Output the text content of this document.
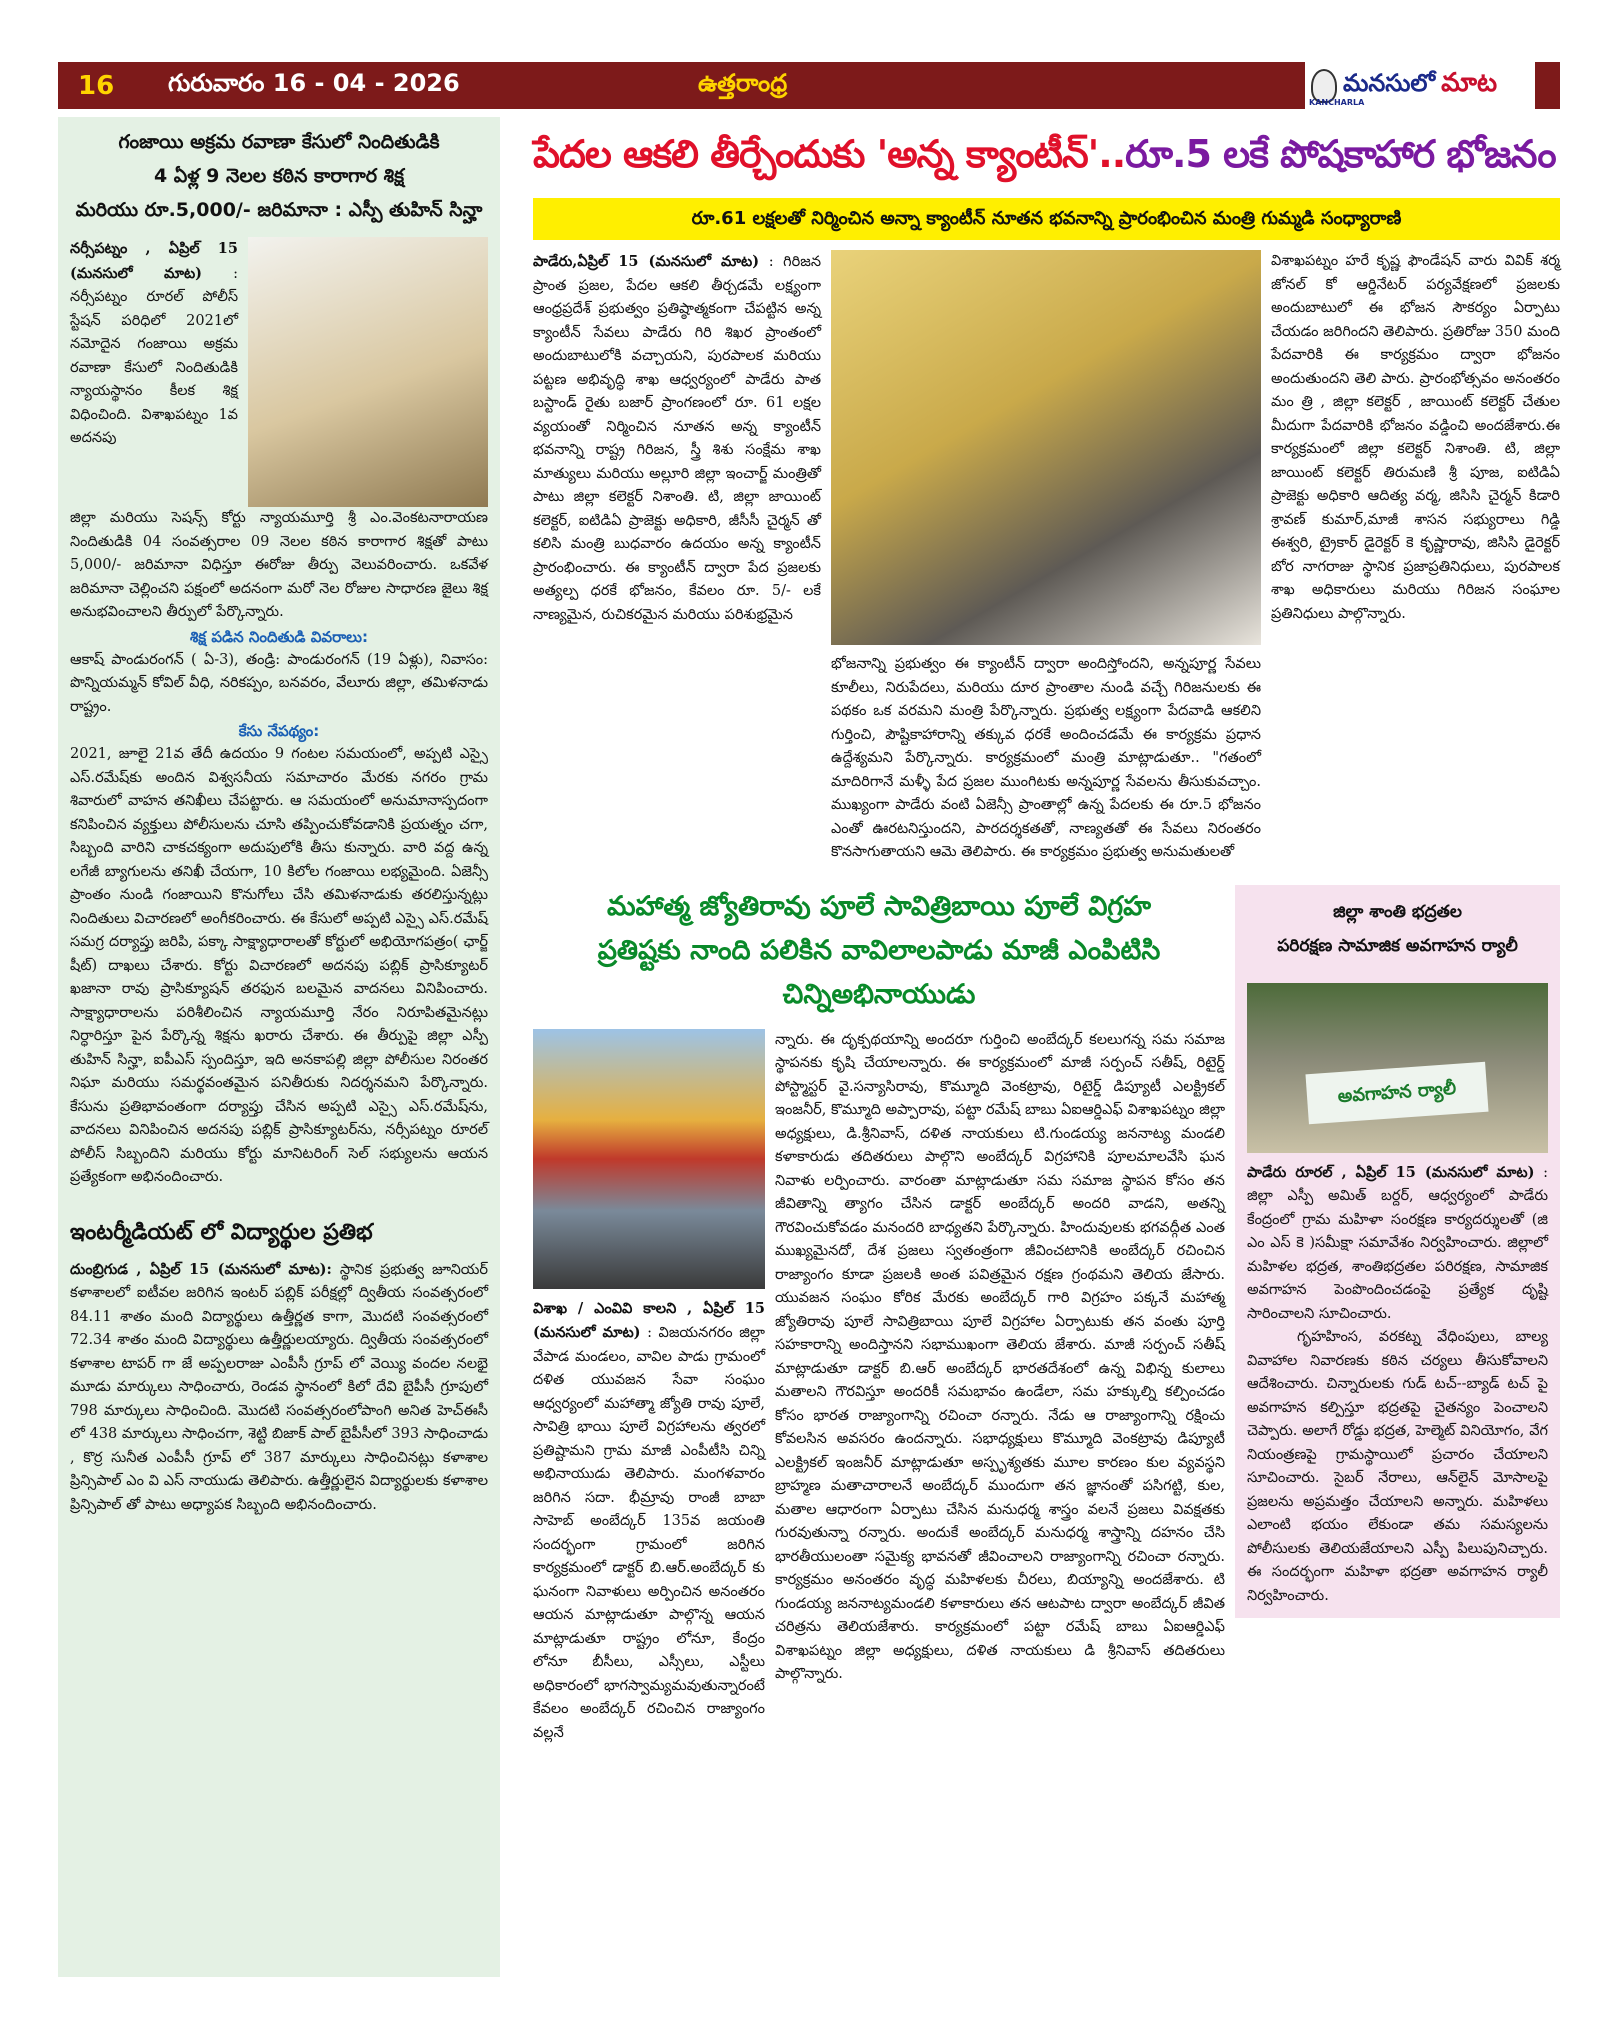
16	గురువారం 16 - 04 - 2026	ఉత్తరాంధ్ర	మనసులో మాట
KANCHARLA
గంజాయి అక్రమ రవాణా కేసులో నిందితుడికి
4 ఏళ్ల 9 నెలల కఠిన కారాగార శిక్ష
మరియు రూ.5,000/- జరిమానా : ఎస్పీ తుహిన్ సిన్హా
నర్సీపట్నం , ఏప్రిల్ 15 (మనసులో మాట) : నర్సీపట్నం రూరల్ పోలీస్ స్టేషన్ పరిధిలో 2021లో నమోదైన గంజాయి అక్రమ రవాణా కేసులో నిందితుడికి న్యాయస్థానం కీలక శిక్ష విధించింది. విశాఖపట్నం 1వ అదనపు

జిల్లా మరియు సెషన్స్ కోర్టు న్యాయమూర్తి శ్రీ ఎం.వెంకటనారాయణ నిందితుడికి 04 సంవత్సరాల 09 నెలల కఠిన కారాగార శిక్షతో పాటు 5,000/- జరిమానా విధిస్తూ ఈరోజు తీర్పు వెలువరించారు. ఒకవేళ జరిమానా చెల్లించని పక్షంలో అదనంగా మరో నెల రోజుల సాధారణ జైలు శిక్ష అనుభవించాలని తీర్పులో పేర్కొన్నారు.

శిక్ష పడిన నిందితుడి వివరాలు:

ఆకాష్ పాండురంగన్ ( ఏ-3), తండ్రి: పాండురంగన్ (19 ఏళ్లు), నివాసం: పొన్నియమ్మన్ కోవిల్ వీధి, నరికప్పం, బనవరం, వేలూరు జిల్లా, తమిళనాడు రాష్ట్రం.

కేసు నేపథ్యం:

2021, జూలై 21వ తేదీ ఉదయం 9 గంటల సమయంలో, అప్పటి ఎస్సై ఎస్.రమేష్‌కు అందిన విశ్వసనీయ సమాచారం మేరకు నగరం గ్రామ శివారులో వాహన తనిఖీలు చేపట్టారు. ఆ సమయంలో అనుమానాస్పదంగా కనిపించిన వ్యక్తులు పోలీసులను చూసి తప్పించుకోవడానికి ప్రయత్నం చగా, సిబ్బంది వారిని చాకచక్యంగా అదుపులోకి తీసు కున్నారు. వారి వద్ద ఉన్న లగేజీ బ్యాగులను తనిఖీ చేయగా, 10 కిలోల గంజాయి లభ్యమైంది. ఏజెన్సీ ప్రాంతం నుండి గంజాయిని కొనుగోలు చేసి తమిళనాడుకు తరలిస్తున్నట్లు నిందితులు విచారణలో అంగీకరించారు. ఈ కేసులో అప్పటి ఎస్సై ఎస్.రమేష్ సమగ్ర దర్యాప్తు జరిపి, పక్కా సాక్ష్యాధారాలతో కోర్టులో అభియోగపత్రం( ఛార్జ్ షీట్) దాఖలు చేశారు. కోర్టు విచారణలో అదనపు పబ్లిక్ ప్రాసిక్యూటర్ ఖజానా రావు ప్రాసిక్యూషన్ తరఫున బలమైన వాదనలు వినిపించారు. సాక్ష్యాధారాలను పరిశీలించిన న్యాయమూర్తి నేరం నిరూపితమైనట్లు నిర్ధారిస్తూ పైన పేర్కొన్న శిక్షను ఖరారు చేశారు. ఈ తీర్పుపై జిల్లా ఎస్పీ తుహిన్ సిన్హా, ఐపీఎస్ స్పందిస్తూ, ఇది అనకాపల్లి జిల్లా పోలీసుల నిరంతర నిఘా మరియు సమర్థవంతమైన పనితీరుకు నిదర్శనమని పేర్కొన్నారు. కేసును ప్రతిభావంతంగా దర్యాప్తు చేసిన అప్పటి ఎస్సై ఎస్.రమేష్‌ను, వాదనలు వినిపించిన అదనపు పబ్లిక్ ప్రాసిక్యూటర్‌ను, నర్సీపట్నం రూరల్ పోలీస్ సిబ్బందిని మరియు కోర్టు మానిటరింగ్ సెల్ సభ్యులను ఆయన ప్రత్యేకంగా అభినందించారు.

ఇంటర్మీడియట్ లో విద్యార్థుల ప్రతిభ

దుంబ్రిగుడ , ఏప్రిల్ 15 (మనసులో మాట): స్థానిక ప్రభుత్వ జూనియర్ కళాశాలలో ఐటీవల జరిగిన ఇంటర్ పబ్లిక్ పరీక్షల్లో ద్వితీయ సంవత్సరంలో 84.11 శాతం మంది విద్యార్థులు ఉత్తీర్ణత కాగా, మొదటి సంవత్సరంలో 72.34 శాతం మంది విద్యార్థులు ఉత్తీర్ణులయ్యారు. ద్వితీయ సంవత్సరంలో కళాశాల టాపర్ గా జే అప్పలరాజు ఎంపీసీ గ్రూప్ లో వెయ్యి వందల నలభై మూడు మార్కులు సాధించారు, రెండవ స్థానంలో కిలో దేవి బైపీసీ గ్రూపులో 798 మార్కులు సాధించింది. మొదటి సంవత్సరంలోపాంగి అనిత హెచ్ఈసీ లో 438 మార్కులు సాధించగా, శెట్టి బిజాక్ పాల్ బైపీసీలో 393 సాధించాడు , కొర్ర సునీత ఎంపీసీ గ్రూప్ లో 387 మార్కులు సాధించినట్లు కళాశాల ప్రిన్సిపాల్ ఎం వి ఎస్ నాయుడు తెలిపారు. ఉత్తీర్ణులైన విద్యార్థులకు కళాశాల ప్రిన్సిపాల్ తో పాటు అధ్యాపక సిబ్బంది అభినందించారు.

పేదల ఆకలి తీర్చేందుకు 'అన్న క్యాంటీన్'..రూ.5 లకే పోషకాహార భోజనం
రూ.61 లక్షలతో నిర్మించిన అన్నా క్యాంటీన్ నూతన భవనాన్ని ప్రారంభించిన మంత్రి గుమ్మడి సంధ్యారాణి
పాడేరు,ఏప్రిల్ 15 (మనసులో మాట) : గిరిజన ప్రాంత ప్రజల, పేదల ఆకలి తీర్చడమే లక్ష్యంగా ఆంధ్రప్రదేశ్ ప్రభుత్వం ప్రతిష్ఠాత్మకంగా చేపట్టిన అన్న క్యాంటీన్ సేవలు పాడేరు గిరి శిఖర ప్రాంతంలో అందుబాటులోకి వచ్చాయని, పురపాలక మరియు పట్టణ అభివృద్ధి శాఖ ఆధ్వర్యంలో పాడేరు పాత బస్టాండ్ రైతు బజార్ ప్రాంగణంలో రూ. 61 లక్షల వ్యయంతో నిర్మించిన నూతన అన్న క్యాంటీన్ భవనాన్ని రాష్ట్ర గిరిజన, స్త్రీ శిశు సంక్షేమ శాఖ మాత్యులు మరియు అల్లూరి జిల్లా ఇంచార్జ్ మంత్రితో పాటు జిల్లా కలెక్టర్ నిశాంతి. టి, జిల్లా జాయింట్ కలెక్టర్, ఐటిడిఏ ప్రాజెక్టు అధికారి, జీసీసీ చైర్మన్ తో కలిసి మంత్రి బుధవారం ఉదయం అన్న క్యాంటీన్ ప్రారంభించారు. ఈ క్యాంటీన్ ద్వారా పేద ప్రజలకు అత్యల్ప ధరకే భోజనం, కేవలం రూ. 5/- లకే నాణ్యమైన, రుచికరమైన మరియు పరిశుభ్రమైన
భోజనాన్ని ప్రభుత్వం ఈ క్యాంటీన్ ద్వారా అందిస్తోందని, అన్నపూర్ణ సేవలు కూలీలు, నిరుపేదలు, మరియు దూర ప్రాంతాల నుండి వచ్చే గిరిజనులకు ఈ పథకం ఒక వరమని మంత్రి పేర్కొన్నారు. ప్రభుత్వ లక్ష్యంగా పేదవాడి ఆకలిని గుర్తించి, పౌష్టికాహారాన్ని తక్కువ ధరకే అందించడమే ఈ కార్యక్రమ ప్రధాన ఉద్దేశ్యమని పేర్కొన్నారు. కార్యక్రమంలో మంత్రి మాట్లాడుతూ.. "గతంలో మాదిరిగానే మళ్ళీ పేద ప్రజల ముంగిటకు అన్నపూర్ణ సేవలను తీసుకువచ్చాం. ముఖ్యంగా పాడేరు వంటి ఏజెన్సీ ప్రాంతాల్లో ఉన్న పేదలకు ఈ రూ.5 భోజనం ఎంతో ఊరటనిస్తుందని, పారదర్శకతతో, నాణ్యతతో ఈ సేవలు నిరంతరం కొనసాగుతాయని ఆమె తెలిపారు. ఈ కార్యక్రమం ప్రభుత్వ అనుమతులతో
విశాఖపట్నం హరే కృష్ణ ఫౌండేషన్ వారు వివిక్ శర్మ జోనల్ కో ఆర్డినేటర్ పర్యవేక్షణలో ప్రజలకు అందుబాటులో ఈ భోజన సౌకర్యం ఏర్పాటు చేయడం జరిగిందని తెలిపారు. ప్రతిరోజు 350 మంది పేదవారికి ఈ కార్యక్రమం ద్వారా భోజనం అందుతుందని తెలి పారు. ప్రారంభోత్సవం అనంతరం మం త్రి , జిల్లా కలెక్టర్ , జాయింట్ కలెక్టర్ చేతుల మీదుగా పేదవారికి భోజనం వడ్డించి అందజేశారు.ఈ కార్యక్రమంలో జిల్లా కలెక్టర్ నిశాంతి. టి, జిల్లా జాయింట్ కలెక్టర్ తిరుమణి శ్రీ పూజ, ఐటిడిఏ ప్రాజెక్టు అధికారి ఆదిత్య వర్మ, జిసిసి చైర్మన్ కిడారి శ్రావణ్ కుమార్,మాజీ శాసన సభ్యురాలు గిడ్డి ఈశ్వరి, ట్రైకార్ డైరెక్టర్ కె కృష్ణారావు, జిసిసి డైరెక్టర్ బోర నాగరాజు స్థానిక ప్రజాప్రతినిధులు, పురపాలక శాఖ అధికారులు మరియు గిరిజన సంఘాల ప్రతినిధులు పాల్గొన్నారు.
మహాత్మ జ్యోతిరావు పూలే సావిత్రిబాయి పూలే విగ్రహ
ప్రతిష్టకు నాంది పలికిన వావిలాలపాడు మాజీ ఎంపిటిసి చిన్నిఅభినాయుడు
విశాఖ / ఎంవివి కాలని , ఏప్రిల్ 15 (మనసులో మాట) : విజయనగరం జిల్లా వేపాడ మండలం, వావిల పాడు గ్రామంలో దళిత యువజన సేవా సంఘం ఆధ్వర్యంలో మహాత్మా జ్యోతి రావు పూలే, సావిత్రి భాయి పూలే విగ్రహాలను త్వరలో ప్రతిష్టామని గ్రామ మాజీ ఎంపీటీసి చిన్ని అభినాయుడు తెలిపారు. మంగళవారం జరిగిన సదా. భీమ్రావు రాంజీ బాబా సాహెబ్ అంబేద్కర్ 135వ జయంతి సందర్భంగా గ్రామంలో జరిగిన కార్యక్రమంలో డాక్టర్ బి.ఆర్.అంబేద్కర్ కు ఘనంగా నివాళులు అర్పించిన అనంతరం ఆయన మాట్లాడుతూ పాల్గొన్న ఆయన మాట్లాడుతూ రాష్ట్రం లోనూ, కేంద్రం లోనూ బీసీలు, ఎస్సీలు, ఎస్టీలు అధికారంలో భాగస్వామ్యమవుతున్నారంటే కేవలం అంబేద్కర్ రచించిన రాజ్యాంగం వల్లనే
న్నారు. ఈ దృక్పథయాన్ని అందరూ గుర్తించి అంబేద్కర్ కలలుగన్న సమ సమాజ స్థాపనకు కృషి చేయాలన్నారు. ఈ కార్యక్రమంలో మాజీ సర్పంచ్ సతీష్, రిటైర్డ్ పోస్ట్మాస్టర్ వై.సన్యాసిరావు, కొమ్మూది వెంకట్రావు, రిటైర్డ్ డిప్యూటీ ఎలక్ట్రికల్ ఇంజనీర్, కొమ్మూది అప్పారావు, పట్టా రమేష్ బాబు ఏఐఆర్డిఎఫ్ విశాఖపట్నం జిల్లా అధ్యక్షులు, డి.శ్రీనివాస్, దళిత నాయకులు టి.గుండయ్య జననాట్య మండలి కళాకారుడు తదితరులు పాల్గొని అంబేద్కర్ విగ్రహానికి పూలమాలవేసి ఘన నివాళు లర్పించారు. వారంతా మాట్లాడుతూ సమ సమాజ స్థాపన కోసం తన జీవితాన్ని త్యాగం చేసిన డాక్టర్ అంబేద్కర్ అందరి వాడని, అతన్ని గౌరవించుకోవడం మనందరి బాధ్యతని పేర్కొన్నారు. హిందువులకు భగవద్గీత ఎంత ముఖ్యమైనదో, దేశ ప్రజలు స్వతంత్రంగా జీవించటానికి అంబేద్కర్ రచించిన రాజ్యాంగం కూడా ప్రజలకి అంత పవిత్రమైన రక్షణ గ్రంథమని తెలియ జేసారు. యువజన సంఘం కోరిక మేరకు అంబేద్కర్ గారి విగ్రహం పక్కనే మహాత్మ జ్యోతిరావు పూలే సావిత్రిబాయి పూలే విగ్రహాల ఏర్పాటుకు తన వంతు పూర్తి సహకారాన్ని అందిస్తానని సభాముఖంగా తెలియ జేశారు. మాజీ సర్పంచ్ సతీష్ మాట్లాడుతూ డాక్టర్ బి.ఆర్ అంబేద్కర్ భారతదేశంలో ఉన్న విభిన్న కులాలు మతాలని గౌరవిస్తూ అందరికీ సమభావం ఉండేలా, సమ హక్కుల్ని కల్పించడం కోసం భారత రాజ్యాంగాన్ని రచించా రన్నారు. నేడు ఆ రాజ్యాంగాన్ని రక్షించు కోవలసిన అవసరం ఉందన్నారు. సభాధ్యక్షులు కొమ్మూది వెంకట్రావు డిప్యూటీ ఎలక్ట్రికల్ ఇంజనీర్ మాట్లాడుతూ అస్పృశ్యతకు మూల కారణం కుల వ్యవస్థని బ్రాహ్మణ మతాచారాలనే అంబేద్కర్ ముందుగా తన జ్ఞానంతో పసిగట్టి, కుల, మతాల ఆధారంగా ఏర్పాటు చేసిన మనుధర్మ శాస్త్రం వలనే ప్రజలు వివక్షతకు గురవుతున్నా రన్నారు. అందుకే అంబేద్కర్ మనుధర్మ శాస్త్రాన్ని దహనం చేసి భారతీయులంతా సమైక్య భావనతో జీవించాలని రాజ్యాంగాన్ని రచించా రన్నారు. కార్యక్రమం అనంతరం వృద్ధ మహిళలకు చీరలు, బియ్యాన్ని అందజేశారు. టి గుండయ్య జననాట్యమండలి కళాకారులు తన ఆటపాట ద్వారా అంబేద్కర్ జీవిత చరిత్రను తెలియజేశారు. కార్యక్రమంలో పట్టా రమేష్ బాబు ఏఐఆర్డిఎఫ్ విశాఖపట్నం జిల్లా అధ్యక్షులు, దళిత నాయకులు డి శ్రీనివాస్ తదితరులు పాల్గొన్నారు.
జిల్లా శాంతి భద్రతల
పరిరక్షణ సామాజిక అవగాహన ర్యాలీ
అవగాహన ర్యాలీ

పాడేరు రూరల్ , ఏప్రిల్ 15 (మనసులో మాట) : జిల్లా ఎస్పీ అమిత్ బర్దర్, ఆధ్వర్యంలో పాడేరు కేంద్రంలో గ్రామ మహిళా సంరక్షణ కార్యదర్శులతో (జి ఎం ఎస్ కె )సమీక్షా సమావేశం నిర్వహించారు. జిల్లాలో మహిళల భద్రత, శాంతిభద్రతల పరిరక్షణ, సామాజిక అవగాహన పెంపొందించడంపై ప్రత్యేక దృష్టి సారించాలని సూచించారు.

గృహహింస, వరకట్న వేధింపులు, బాల్య వివాహాల నివారణకు కఠిన చర్యలు తీసుకోవాలని ఆదేశించారు. చిన్నారులకు గుడ్ టచ్--బ్యాడ్ టచ్ పై అవగాహన కల్పిస్తూ భద్రతపై చైతన్యం పెంచాలని చెప్పారు. అలాగే రోడ్డు భద్రత, హెల్మెట్ వినియోగం, వేగ నియంత్రణపై గ్రామస్థాయిలో ప్రచారం చేయాలని సూచించారు. సైబర్ నేరాలు, ఆన్‌లైన్ మోసాలపై ప్రజలను అప్రమత్తం చేయాలని అన్నారు. మహిళలు ఎలాంటి భయం లేకుండా తమ సమస్యలను పోలీసులకు తెలియజేయాలని ఎస్పీ పిలుపునిచ్చారు. ఈ సందర్భంగా మహిళా భద్రతా అవగాహన ర్యాలీ నిర్వహించారు.
